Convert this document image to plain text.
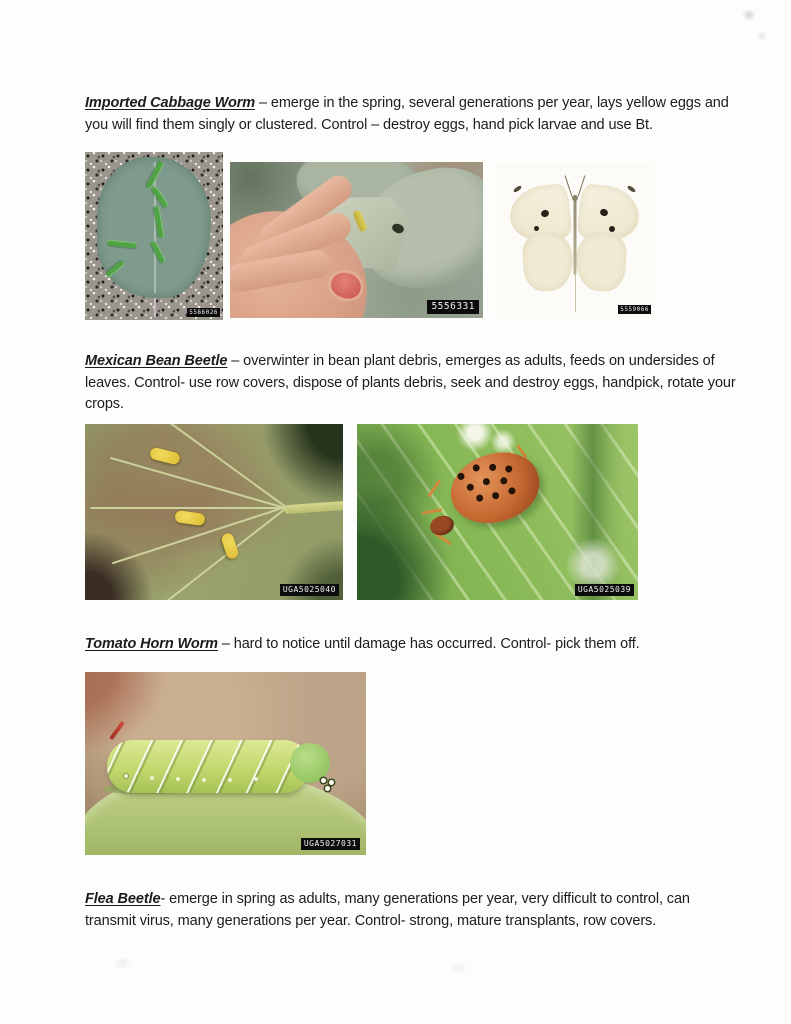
Imported Cabbage Worm – emerge in the spring, several generations per year, lays yellow eggs and you will find them singly or clustered. Control – destroy eggs, hand pick larvae and use Bt.

5586026	5556331	5559066

Mexican Bean Beetle – overwinter in bean plant debris, emerges as adults, feeds on undersides of leaves. Control- use row covers, dispose of plants debris, seek and destroy eggs, handpick, rotate your crops.

UGA5025040	UGA5025039

Tomato Horn Worm – hard to notice until damage has occurred. Control- pick them off.

UGA5027031

Flea Beetle- emerge in spring as adults, many generations per year, very difficult to control, can transmit virus, many generations per year. Control- strong, mature transplants, row covers.
